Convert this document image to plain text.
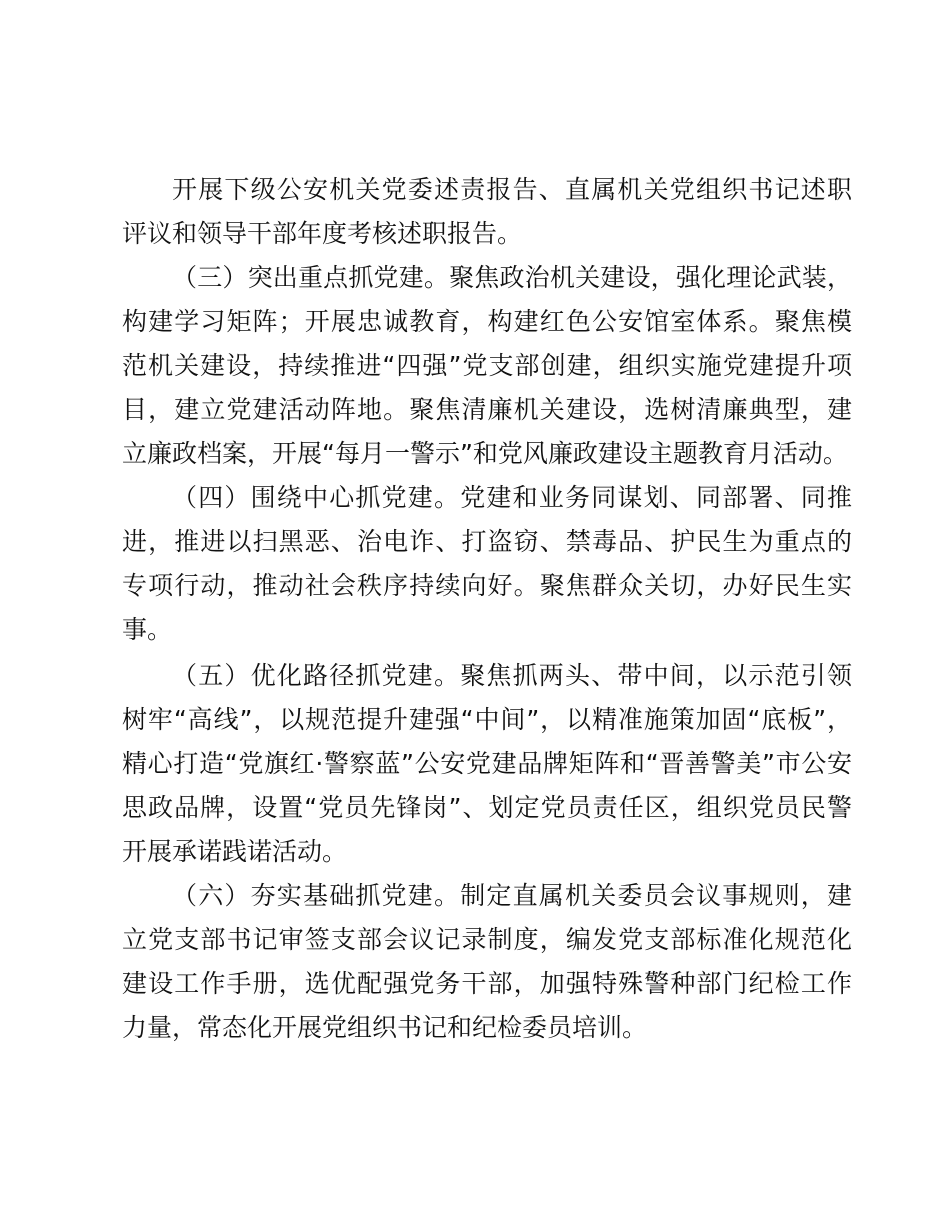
开展下级公安机关党委述责报告、直属机关党组织书记述职
评议和领导干部年度考核述职报告。
（三）突出重点抓党建。聚焦政治机关建设，强化理论武装，
构建学习矩阵；开展忠诚教育，构建红色公安馆室体系。聚焦模
范机关建设，持续推进“四强”党支部创建，组织实施党建提升项
目，建立党建活动阵地。聚焦清廉机关建设，选树清廉典型，建
立廉政档案，开展“每月一警示”和党风廉政建设主题教育月活动。
（四）围绕中心抓党建。党建和业务同谋划、同部署、同推
进，推进以扫黑恶、治电诈、打盗窃、禁毒品、护民生为重点的
专项行动，推动社会秩序持续向好。聚焦群众关切，办好民生实
事。
（五）优化路径抓党建。聚焦抓两头、带中间，以示范引领
树牢“高线”，以规范提升建强“中间”，以精准施策加固“底板”，
精心打造“党旗红·警察蓝”公安党建品牌矩阵和“晋善警美”市公安
思政品牌，设置“党员先锋岗”、划定党员责任区，组织党员民警
开展承诺践诺活动。
（六）夯实基础抓党建。制定直属机关委员会议事规则，建
立党支部书记审签支部会议记录制度，编发党支部标准化规范化
建设工作手册，选优配强党务干部，加强特殊警种部门纪检工作
力量，常态化开展党组织书记和纪检委员培训。
